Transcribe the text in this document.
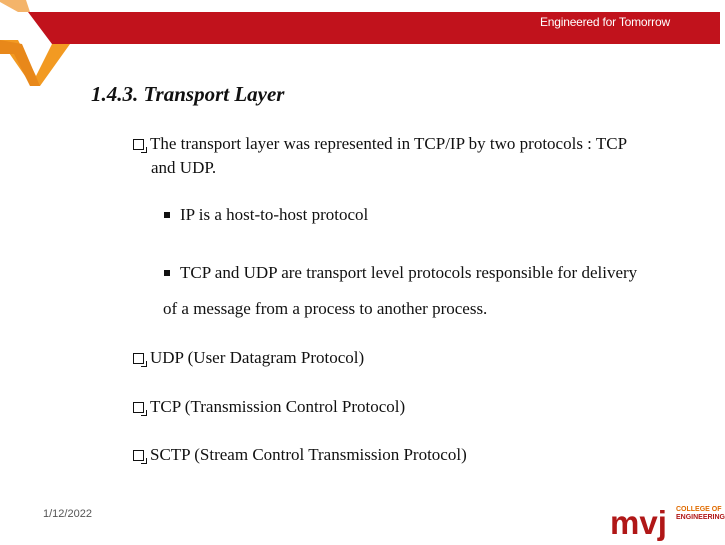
Engineered for Tomorrow
1.4.3. Transport Layer
The transport layer was represented in TCP/IP by two protocols : TCP
and UDP.
IP is a host-to-host protocol
TCP and UDP are transport level protocols responsible for delivery
of a message from a process to another process.
UDP (User Datagram Protocol)
TCP (Transmission Control Protocol)
SCTP (Stream Control Transmission Protocol)
1/12/2022	mvj COLLEGE OF
ENGINEERING
